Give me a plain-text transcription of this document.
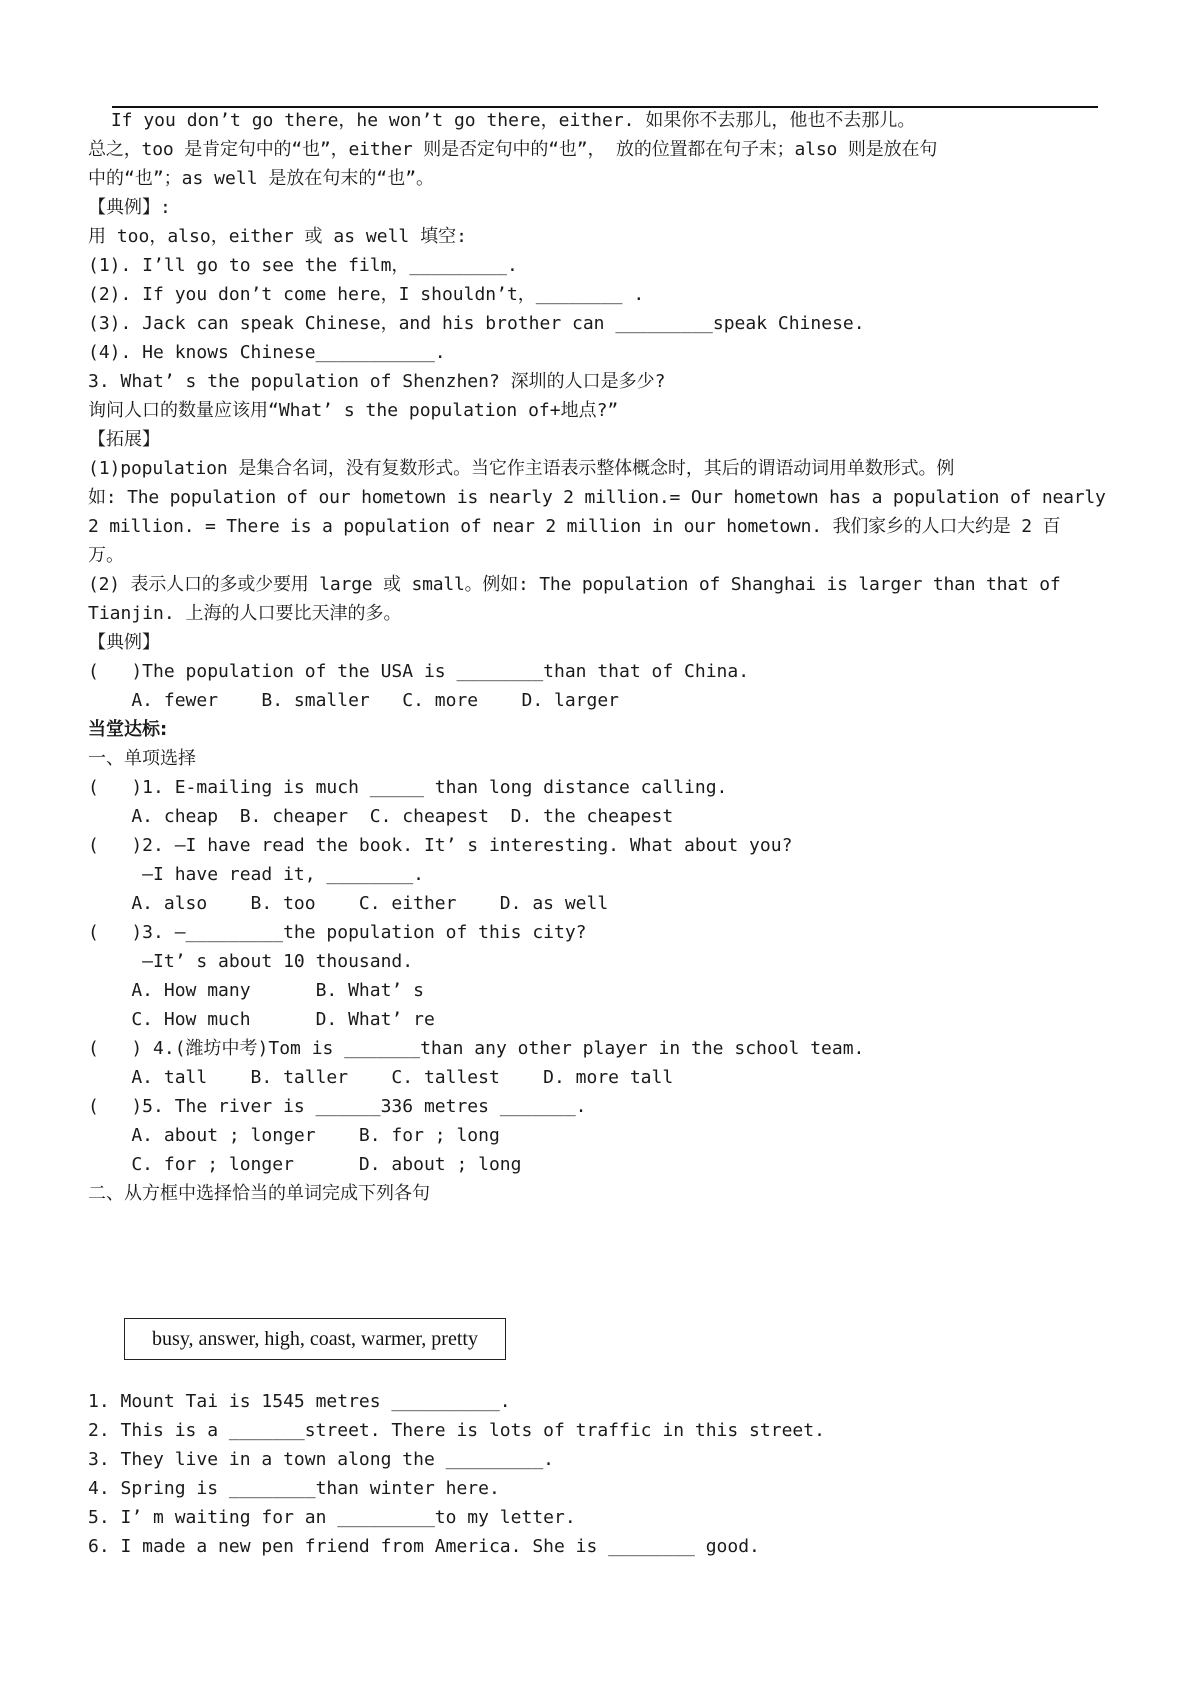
If you don’t go there，he won’t go there，either. 如果你不去那儿，他也不去那儿。
总之，too 是肯定句中的“也”，either 则是否定句中的“也”， 放的位置都在句子末；also 则是放在句
中的“也”；as well 是放在句末的“也”。
【典例】:
用 too，also，either 或 as well 填空:
(1). I’ll go to see the film，_________.
(2). If you don’t come here，I shouldn’t，________ .
(3). Jack can speak Chinese，and his brother can _________speak Chinese.
(4). He knows Chinese___________.
3. What’ s the population of Shenzhen? 深圳的人口是多少?
询问人口的数量应该用“What’ s the population of+地点?”
【拓展】
(1)population 是集合名词，没有复数形式。当它作主语表示整体概念时，其后的谓语动词用单数形式。例
如: The population of our hometown is nearly 2 million.= Our hometown has a population of nearly
2 million. = There is a population of near 2 million in our hometown. 我们家乡的人口大约是 2 百
万。
(2) 表示人口的多或少要用 large 或 small。例如: The population of Shanghai is larger than that of
Tianjin. 上海的人口要比天津的多。
【典例】
(   )The population of the USA is ________than that of China.
A. fewer    B. smaller   C. more    D. larger
当堂达标:
一、单项选择
(   )1. E-mailing is much _____ than long distance calling.
A. cheap  B. cheaper  C. cheapest  D. the cheapest
(   )2. –I have read the book. It’ s interesting. What about you?
–I have read it, ________.
A. also    B. too    C. either    D. as well
(   )3. –_________the population of this city?
–It’ s about 10 thousand.
A. How many      B. What’ s
C. How much      D. What’ re
(   ) 4.(潍坊中考)Tom is _______than any other player in the school team.
A. tall    B. taller    C. tallest    D. more tall
(   )5. The river is ______336 metres _______.
A. about ; longer    B. for ; long
C. for ; longer      D. about ; long
二、从方框中选择恰当的单词完成下列各句
busy, answer, high, coast, warmer, pretty
1. Mount Tai is 1545 metres __________.
2. This is a _______street. There is lots of traffic in this street.
3. They live in a town along the _________.
4. Spring is ________than winter here.
5. I’ m waiting for an _________to my letter.
6. I made a new pen friend from America. She is ________ good.
